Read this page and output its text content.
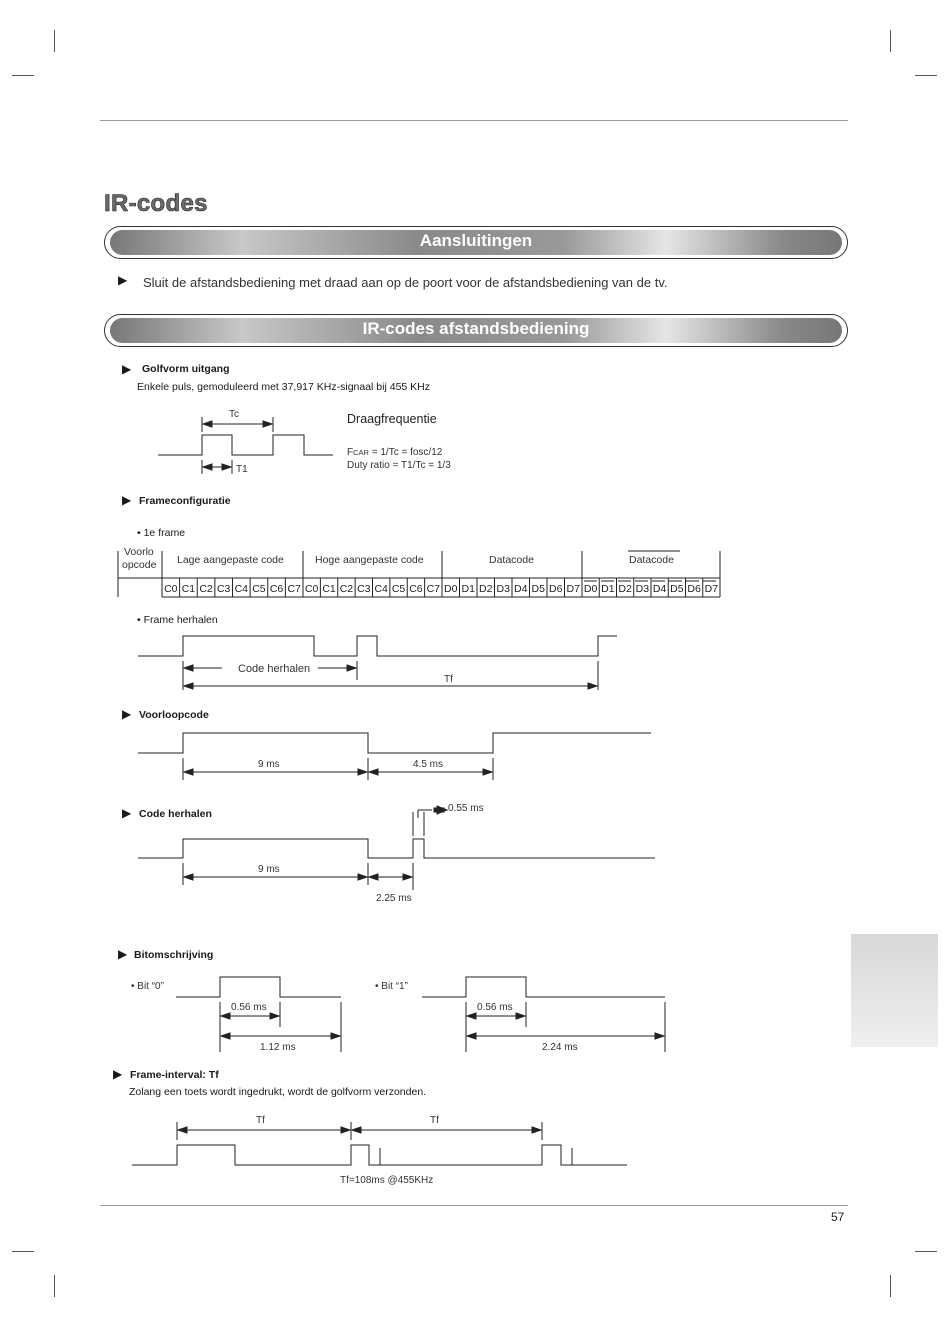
IR-codes
Aansluitingen
▶ Sluit de afstandsbediening met draad aan op de poort voor de afstandsbediening van de tv.
IR-codes afstandsbediening
▶ Golfvorm uitgang
Enkele puls, gemoduleerd met 37,917 KHz-signaal bij 455 KHz
C0 C1 C2 C3 C4 C5 C6 C7 C0 C1 C2 C3 C4 C5 C6 C7 D0 D1 D2 D3 D4 D5 D6 D7 D0 D1 D2 D3 D4 D5 D6 D7
Tc
T1
Draagfrequentie
FCAR = 1/Tc = fosc/12
Duty ratio = T1/Tc = 1/3
Code herhalen
Tf
9 ms	4.5 ms
0.55 ms
9 ms
2.25 ms
• Bit “0”	• Bit “1”
0.56 ms
1.12 ms
0.56 ms
2.24 ms
Tf	Tf
Tf=108ms @455KHz
Voorlo
opcode Lage aangepaste code	Hoge aangepaste code	Datacode	Datacode
▶ Frameconfiguratie
• 1e frame
• Frame herhalen
▶ Voorloopcode
▶ Code herhalen
▶ Bitomschrijving
▶ Frame-interval: Tf
Zolang een toets wordt ingedrukt, wordt de golfvorm verzonden.
57
